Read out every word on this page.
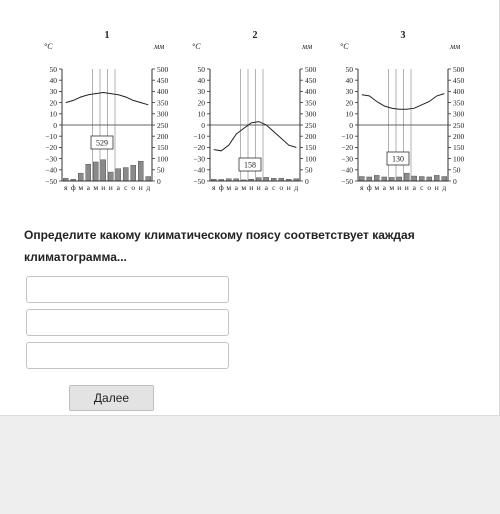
1
°C	мм
50
40
30
20
10
0
−10
−20
−30
−40
−50
500
450
400
350
300
250
200
150
100
50
0
я ф м а м и и а с о н д
529
2
°C	мм
50
40
30
20
10
0
−10
−20
−30
−40
−50
500
450
400
350
300
250
200
150
100
50
0
я ф м а м и и а с о н д
158
3
°C	мм
50
40
30
20
10
0
−10
−20
−30
−40
−50
500
450
400
350
300
250
200
150
100
50
0
я ф м а м и и а с о н д
130
Определите какому климатическому поясу соответствует каждая климатограмма...
Далее
